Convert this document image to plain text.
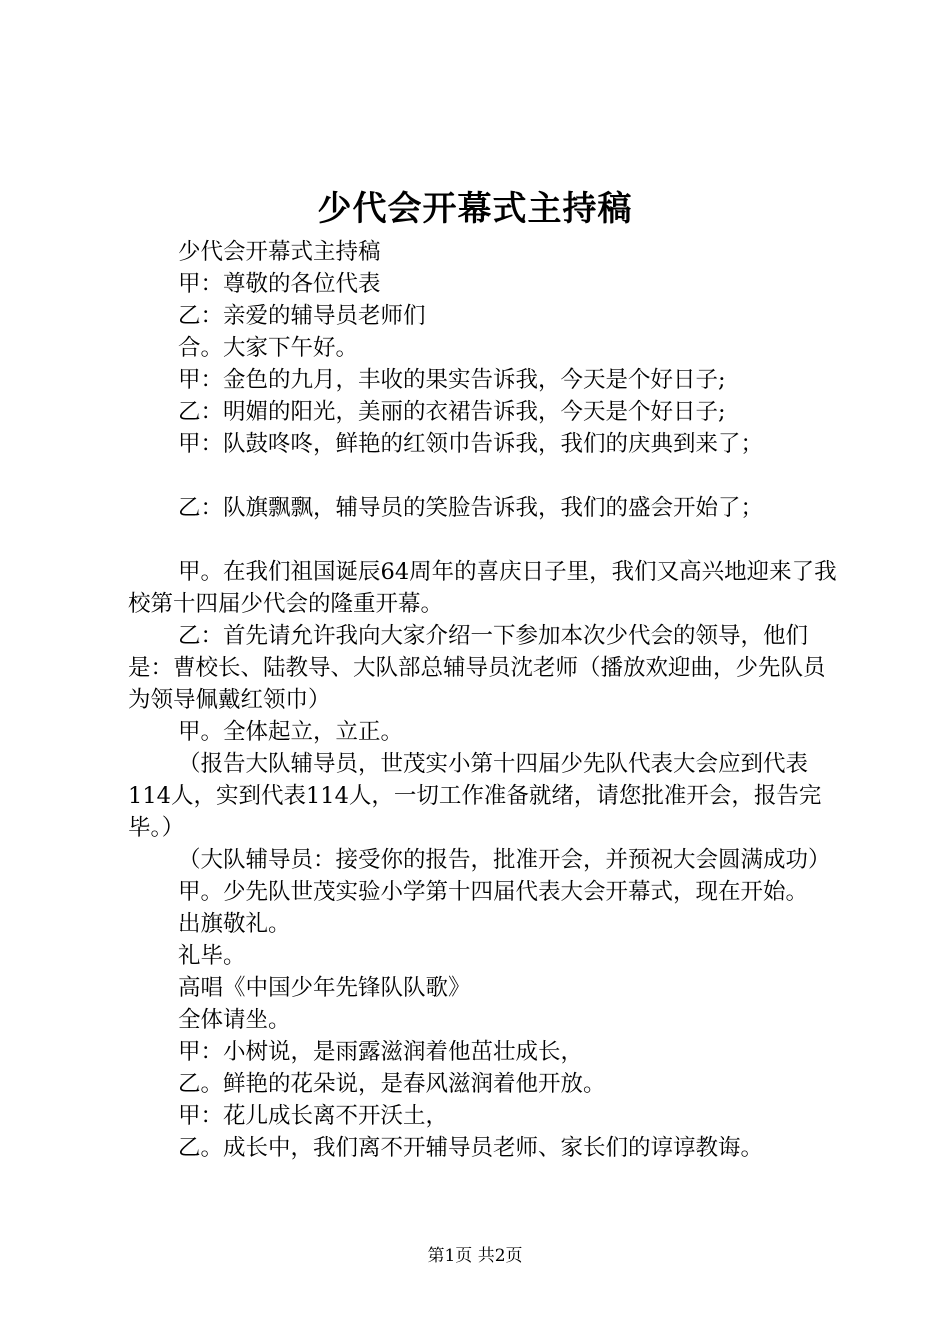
少代会开幕式主持稿

少代会开幕式主持稿

甲：尊敬的各位代表

乙：亲爱的辅导员老师们

合。大家下午好。

甲：金色的九月，丰收的果实告诉我，今天是个好日子;

乙：明媚的阳光，美丽的衣裙告诉我，今天是个好日子;

甲：队鼓咚咚，鲜艳的红领巾告诉我，我们的庆典到来了；

乙：队旗飘飘，辅导员的笑脸告诉我，我们的盛会开始了；

甲。在我们祖国诞辰64周年的喜庆日子里，我们又高兴地迎来了我校第十四届少代会的隆重开幕。

乙：首先请允许我向大家介绍一下参加本次少代会的领导，他们是：曹校长、陆教导、大队部总辅导员沈老师（播放欢迎曲，少先队员为领导佩戴红领巾）

甲。全体起立，立正。

（报告大队辅导员，世茂实小第十四届少先队代表大会应到代表114人，实到代表114人，一切工作准备就绪，请您批准开会，报告完毕。）

（大队辅导员：接受你的报告，批准开会，并预祝大会圆满成功）

甲。少先队世茂实验小学第十四届代表大会开幕式，现在开始。

出旗敬礼。

礼毕。

高唱《中国少年先锋队队歌》

全体请坐。

甲：小树说，是雨露滋润着他茁壮成长，

乙。鲜艳的花朵说，是春风滋润着他开放。

甲：花儿成长离不开沃土，

乙。成长中，我们离不开辅导员老师、家长们的谆谆教诲。

第1页 共2页
